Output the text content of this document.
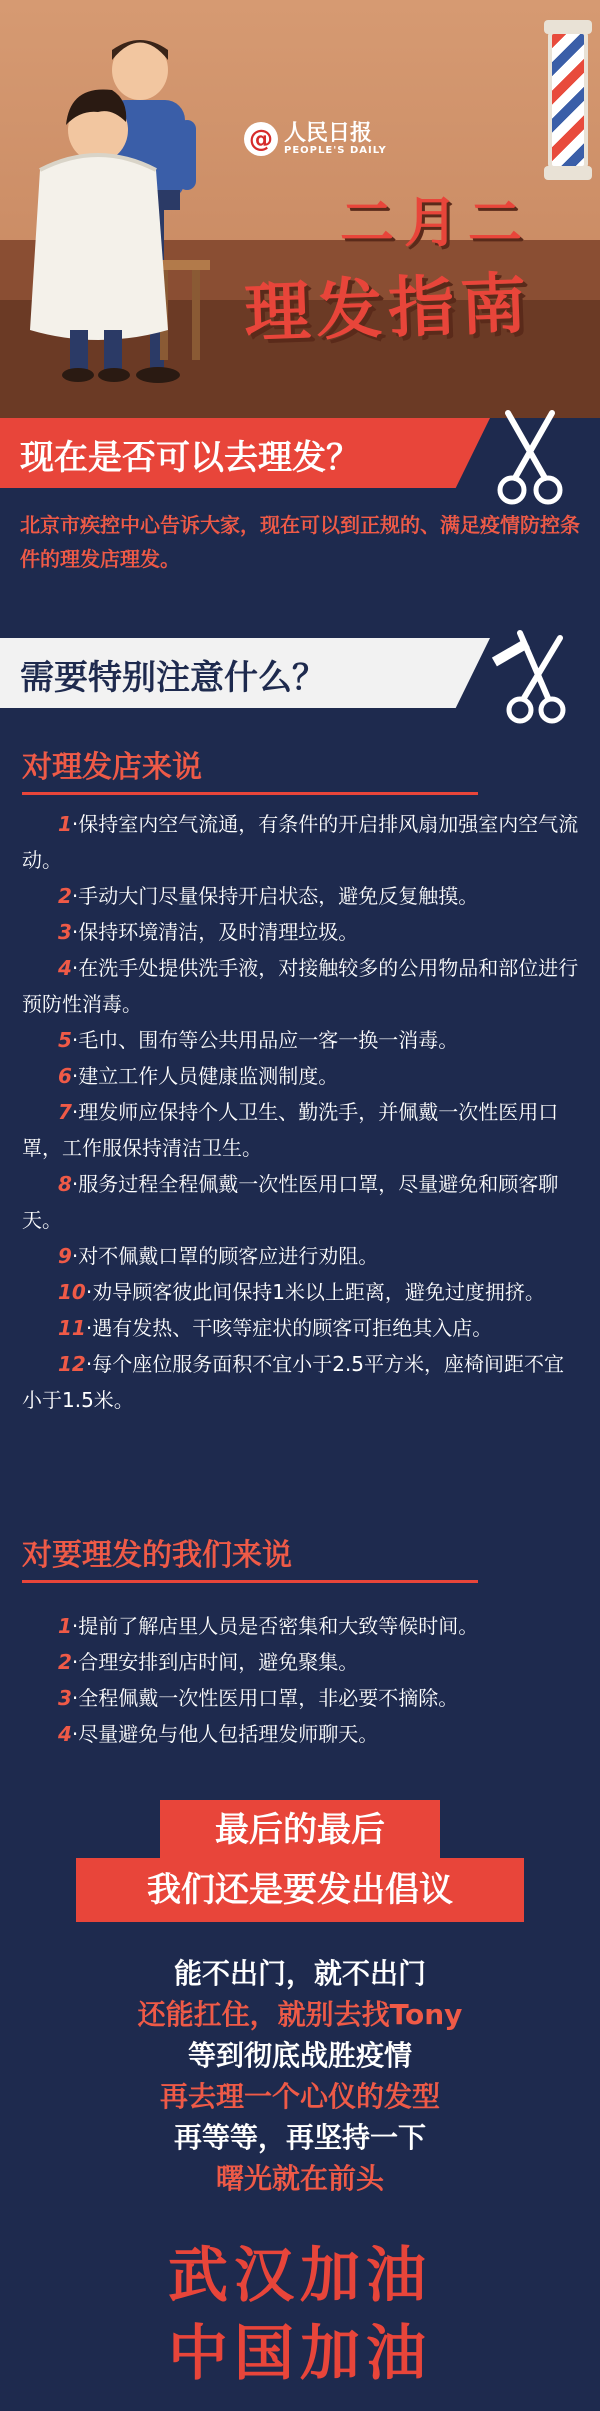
@ 人民日报
PEOPLE'S DAILY
二月二
理发指南
现在是否可以去理发？
北京市疾控中心告诉大家，现在可以到正规的、满足疫情防控条件的理发店理发。
需要特别注意什么？
对理发店来说
1·保持室内空气流通，有条件的开启排风扇加强室内空气流动。
2·手动大门尽量保持开启状态，避免反复触摸。
3·保持环境清洁，及时清理垃圾。
4·在洗手处提供洗手液，对接触较多的公用物品和部位进行预防性消毒。
5·毛巾、围布等公共用品应一客一换一消毒。
6·建立工作人员健康监测制度。
7·理发师应保持个人卫生、勤洗手，并佩戴一次性医用口罩，工作服保持清洁卫生。
8·服务过程全程佩戴一次性医用口罩，尽量避免和顾客聊天。
9·对不佩戴口罩的顾客应进行劝阻。
10·劝导顾客彼此间保持1米以上距离，避免过度拥挤。
11·遇有发热、干咳等症状的顾客可拒绝其入店。
12·每个座位服务面积不宜小于2.5平方米，座椅间距不宜小于1.5米。
对要理发的我们来说
1·提前了解店里人员是否密集和大致等候时间。
2·合理安排到店时间，避免聚集。
3·全程佩戴一次性医用口罩，非必要不摘除。
4·尽量避免与他人包括理发师聊天。
最后的最后
我们还是要发出倡议
能不出门，就不出门
还能扛住，就别去找Tony
等到彻底战胜疫情
再去理一个心仪的发型
再等等，再坚持一下
曙光就在前头
武汉加油
中国加油
